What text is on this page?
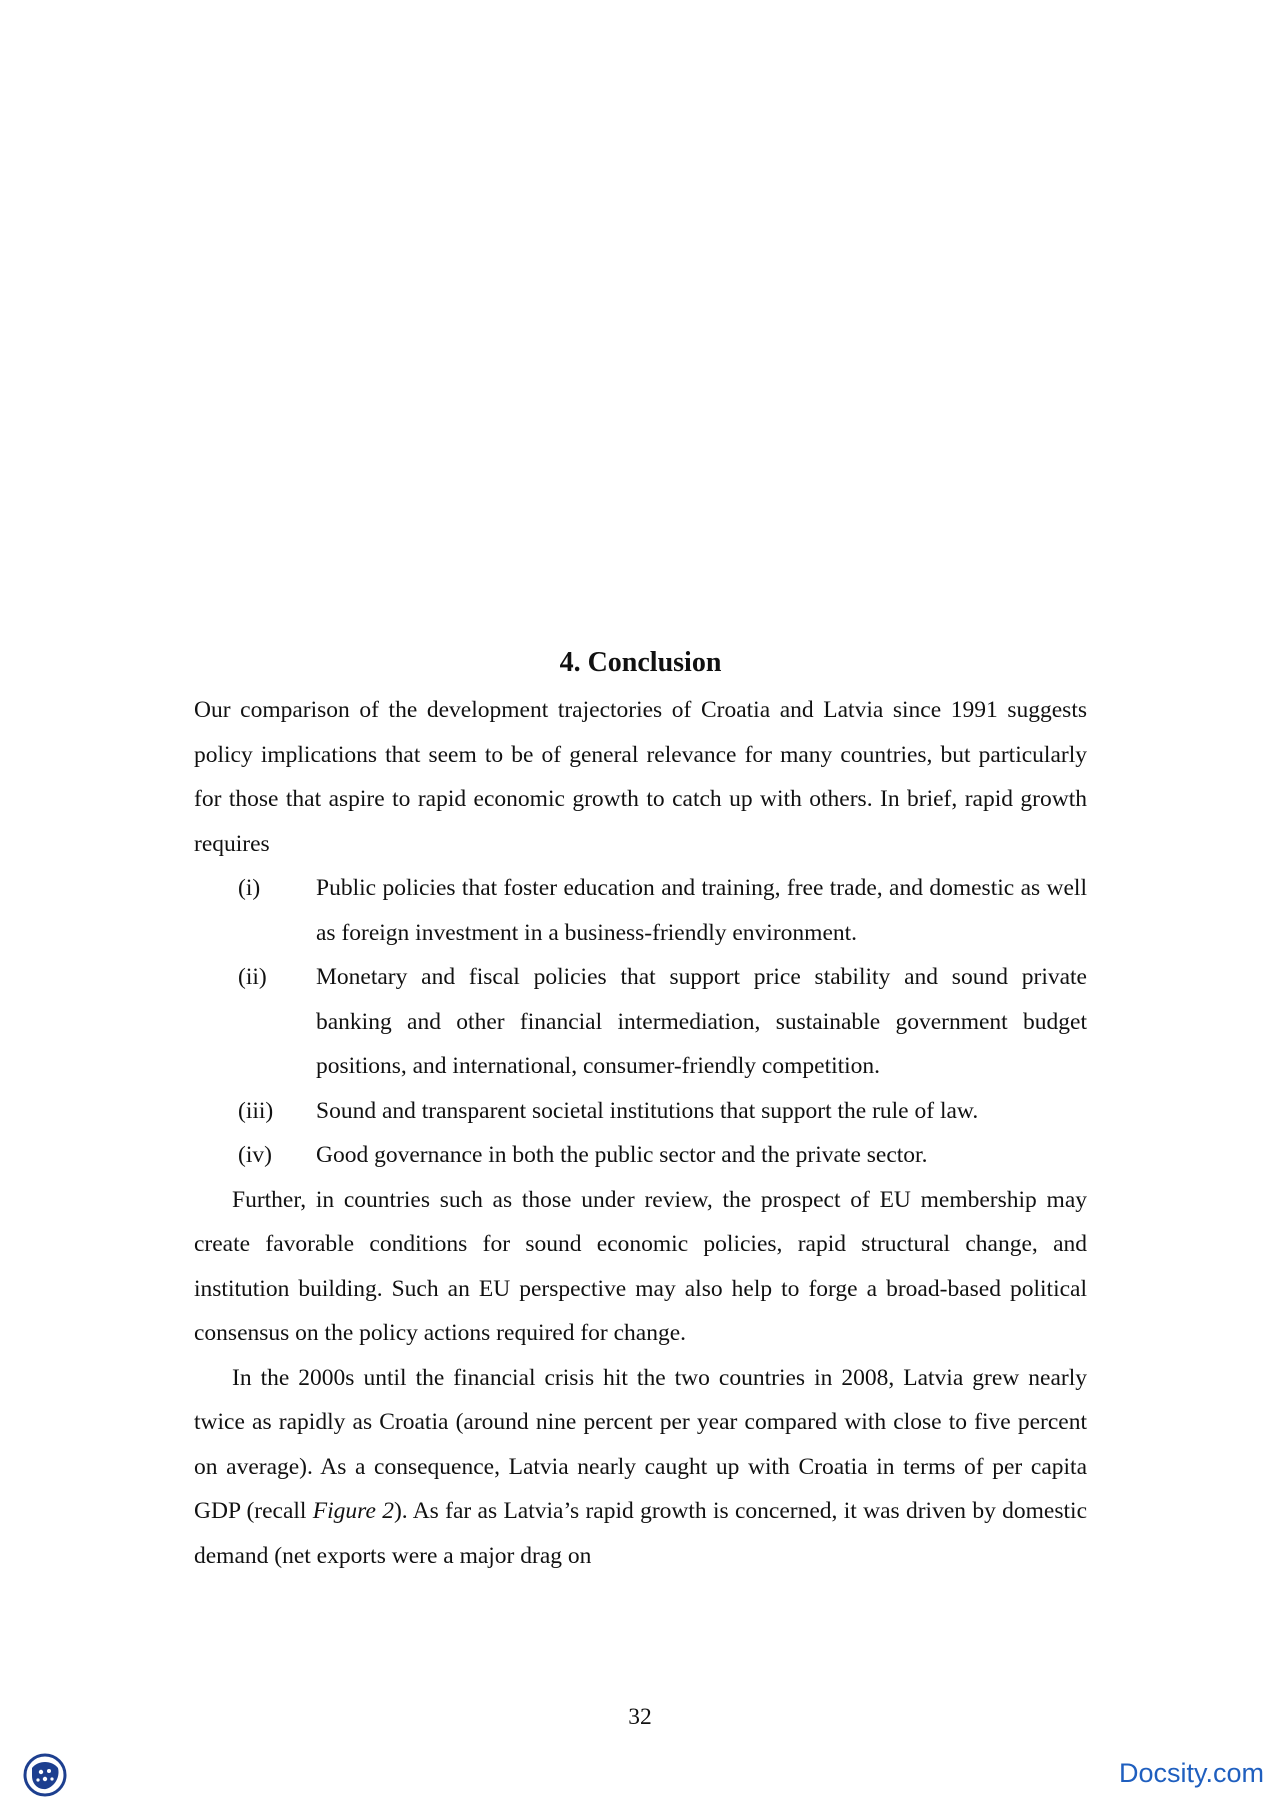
4. Conclusion

Our comparison of the development trajectories of Croatia and Latvia since 1991 suggests policy implications that seem to be of general relevance for many countries, but particularly for those that aspire to rapid economic growth to catch up with others. In brief, rapid growth requires

(i) Public policies that foster education and training, free trade, and domestic as well as foreign investment in a business-friendly environment.
(ii) Monetary and fiscal policies that support price stability and sound private banking and other financial intermediation, sustainable government budget positions, and international, consumer-friendly competition.
(iii) Sound and transparent societal institutions that support the rule of law.
(iv) Good governance in both the public sector and the private sector.

Further, in countries such as those under review, the prospect of EU membership may create favorable conditions for sound economic policies, rapid structural change, and institution building. Such an EU perspective may also help to forge a broad-based political consensus on the policy actions required for change.

In the 2000s until the financial crisis hit the two countries in 2008, Latvia grew nearly twice as rapidly as Croatia (around nine percent per year compared with close to five percent on average). As a consequence, Latvia nearly caught up with Croatia in terms of per capita GDP (recall Figure 2). As far as Latvia’s rapid growth is concerned, it was driven by domestic demand (net exports were a major drag on

32
Docsity.com
